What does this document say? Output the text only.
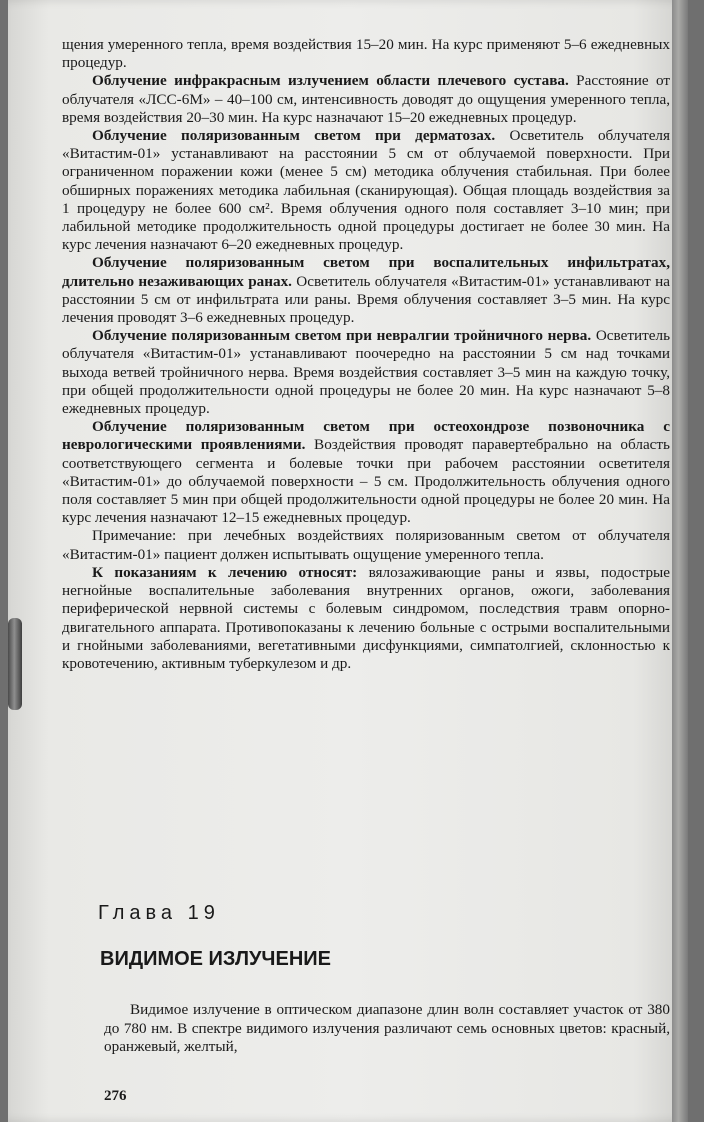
щения умеренного тепла, время воздействия 15–20 мин. На курс применяют 5–6 ежедневных процедур.

Облучение инфракрасным излучением области плечевого сустава. Расстояние от облучателя «ЛСС-6М» – 40–100 см, интенсивность доводят до ощущения умеренного тепла, время воздействия 20–30 мин. На курс назначают 15–20 ежедневных процедур.

Облучение поляризованным светом при дерматозах. Осветитель облучателя «Витастим-01» устанавливают на расстоянии 5 см от облучаемой поверхности. При ограниченном поражении кожи (менее 5 см) методика облучения стабильная. При более обширных поражениях методика лабильная (сканирующая). Общая площадь воздействия за 1 процедуру не более 600 см². Время облучения одного поля составляет 3–10 мин; при лабильной методике продолжительность одной процедуры достигает не более 30 мин. На курс лечения назначают 6–20 ежедневных процедур.

Облучение поляризованным светом при воспалительных инфильтратах, длительно незаживающих ранах. Осветитель облучателя «Витастим-01» устанавливают на расстоянии 5 см от инфильтрата или раны. Время облучения составляет 3–5 мин. На курс лечения проводят 3–6 ежедневных процедур.

Облучение поляризованным светом при невралгии тройничного нерва. Осветитель облучателя «Витастим-01» устанавливают поочередно на расстоянии 5 см над точками выхода ветвей тройничного нерва. Время воздействия составляет 3–5 мин на каждую точку, при общей продолжительности одной процедуры не более 20 мин. На курс назначают 5–8 ежедневных процедур.

Облучение поляризованным светом при остеохондрозе позвоночника с неврологическими проявлениями. Воздействия проводят паравертебрально на область соответствующего сегмента и болевые точки при рабочем расстоянии осветителя «Витастим-01» до облучаемой поверхности – 5 см. Продолжительность облучения одного поля составляет 5 мин при общей продолжительности одной процедуры не более 20 мин. На курс лечения назначают 12–15 ежедневных процедур.

Примечание: при лечебных воздействиях поляризованным светом от облучателя «Витастим-01» пациент должен испытывать ощущение умеренного тепла.

К показаниям к лечению относят: вялозаживающие раны и язвы, подострые негнойные воспалительные заболевания внутренних органов, ожоги, заболевания периферической нервной системы с болевым синдромом, последствия травм опорно-двигательного аппарата. Противопоказаны к лечению больные с острыми воспалительными и гнойными заболеваниями, вегетативными дисфункциями, симпатолгией, склонностью к кровотечению, активным туберкулезом и др.

Глава 19
ВИДИМОЕ ИЗЛУЧЕНИЕ
Видимое излучение в оптическом диапазоне длин волн составляет участок от 380 до 780 нм. В спектре видимого излучения различают семь основных цветов: красный, оранжевый, желтый,
276
